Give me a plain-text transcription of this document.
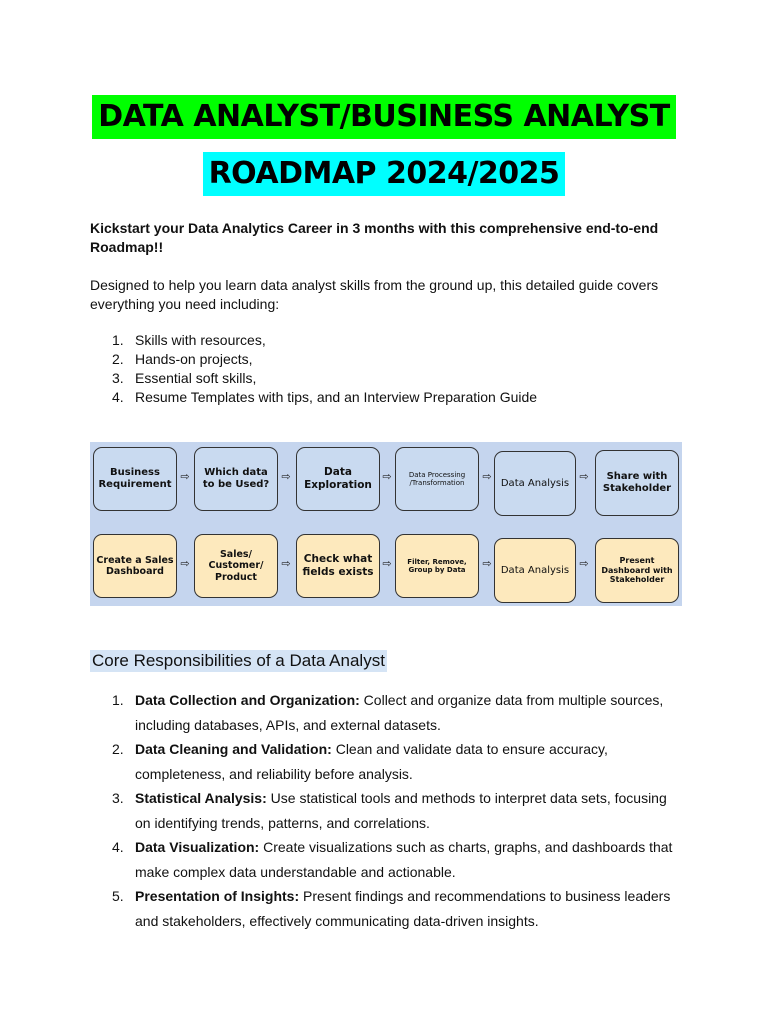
DATA ANALYST/BUSINESS ANALYST
ROADMAP 2024/2025
Kickstart your Data Analytics Career in 3 months with this comprehensive end-to-end Roadmap!!
Designed to help you learn data analyst skills from the ground up, this detailed guide covers everything you need including:
1. Skills with resources,
2. Hands-on projects,
3. Essential soft skills,
4. Resume Templates with tips, and an Interview Preparation Guide
Business Requirement
⇨	Which data to be Used?
⇨	Data Exploration
⇨	Data Processing /Transformation	⇨ Data Analysis ⇨	Share with Stakeholder
Create a Sales Dashboard
⇨
Sales/ Customer/ Product
⇨	Check what fields exists
⇨	Filter, Remove, Group by Data	⇨ Data Analysis ⇨	Present Dashboard with Stakeholder
Core Responsibilities of a Data Analyst
1. Data Collection and Organization: Collect and organize data from multiple sources,
including databases, APIs, and external datasets.
2. Data Cleaning and Validation: Clean and validate data to ensure accuracy,
completeness, and reliability before analysis.
3. Statistical Analysis: Use statistical tools and methods to interpret data sets, focusing
on identifying trends, patterns, and correlations.
4. Data Visualization: Create visualizations such as charts, graphs, and dashboards that
make complex data understandable and actionable.
5. Presentation of Insights: Present findings and recommendations to business leaders
and stakeholders, effectively communicating data-driven insights.
